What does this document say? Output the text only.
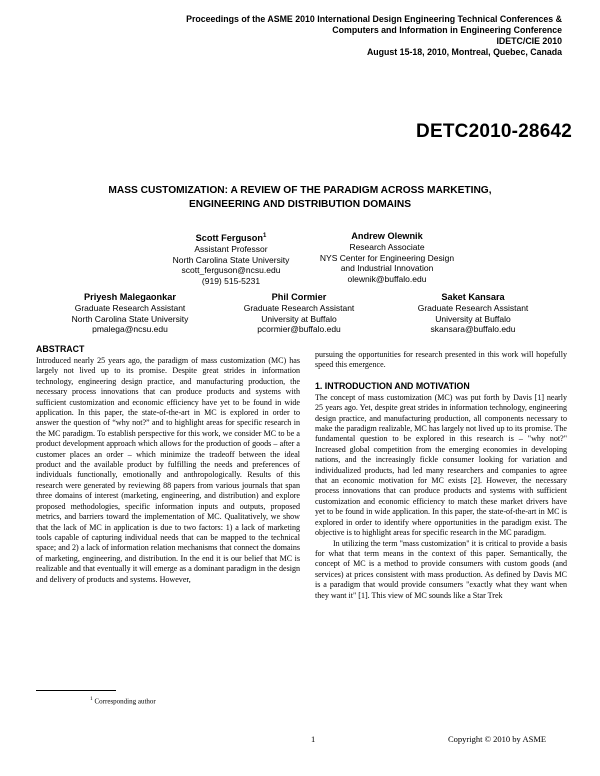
Proceedings of the ASME 2010 International Design Engineering Technical Conferences &
Computers and Information in Engineering Conference
IDETC/CIE 2010
August 15-18, 2010, Montreal, Quebec, Canada
DETC2010-28642
MASS CUSTOMIZATION: A REVIEW OF THE PARADIGM ACROSS MARKETING,
ENGINEERING AND DISTRIBUTION DOMAINS
Scott Ferguson$^1$
Assistant Professor
North Carolina State University
scott_ferguson@ncsu.edu
(919) 515-5231
Andrew Olewnik
Research Associate
NYS Center for Engineering Design
and Industrial Innovation
olewnik@buffalo.edu
Priyesh Malegaonkar
Graduate Research Assistant
North Carolina State University
pmalega@ncsu.edu
Phil Cormier
Graduate Research Assistant
University at Buffalo
pcormier@buffalo.edu
Saket Kansara
Graduate Research Assistant
University at Buffalo
skansara@buffalo.edu
ABSTRACT

Introduced nearly 25 years ago, the paradigm of mass customization (MC) has largely not lived up to its promise. Despite great strides in information technology, engineering design practice, and manufacturing production, the necessary process innovations that can produce products and systems with sufficient customization and economic efficiency have yet to be found in wide application. In this paper, the state-of-the-art in MC is explored in order to answer the question of “why not?” and to highlight areas for specific research in the MC paradigm. To establish perspective for this work, we consider MC to be a product development approach which allows for the production of goods – after a customer places an order – which minimize the tradeoff between the ideal product and the available product by fulfilling the needs and preferences of individuals functionally, emotionally and anthropologically. Results of this research were generated by reviewing 88 papers from various journals that span three domains of interest (marketing, engineering, and distribution) and explore proposed methodologies, specific information inputs and outputs, proposed metrics, and barriers toward the implementation of MC. Qualitatively, we show that the lack of MC in application is due to two factors: 1) a lack of marketing tools capable of capturing individual needs that can be mapped to the technical space; and 2) a lack of information relation mechanisms that connect the domains of marketing, engineering, and distribution. In the end it is our belief that MC is realizable and that eventually it will emerge as a dominant paradigm in the design and delivery of products and systems. However,

pursuing the opportunities for research presented in this work will hopefully speed this emergence.

1. INTRODUCTION AND MOTIVATION

The concept of mass customization (MC) was put forth by Davis [1] nearly 25 years ago. Yet, despite great strides in information technology, engineering design practice, and manufacturing production, all components necessary to make the paradigm realizable, MC has largely not lived up to its promise. The fundamental question to be explored in this research is – "why not?" Increased global competition from the emerging economies in developing nations, and the increasingly fickle consumer looking for variation and individualized products, had led many researchers and companies to agree that an economic motivation for MC exists [2]. However, the necessary process innovations that can produce products and systems with sufficient customization and economic efficiency to match these market drivers have yet to be found in wide application. In this paper, the state-of-the-art in MC is explored in order to identify where opportunities in the paradigm exist. The objective is to highlight areas for specific research in the MC paradigm.

In utilizing the term "mass customization" it is critical to provide a basis for what that term means in the context of this paper. Semantically, the concept of MC is a method to provide consumers with custom goods (and services) at prices consistent with mass production. As defined by Davis MC is a paradigm that would provide consumers "exactly what they want when they want it" [1]. This view of MC sounds like a Star Trek

$^1$ Corresponding author
1	Copyright © 2010 by ASME
